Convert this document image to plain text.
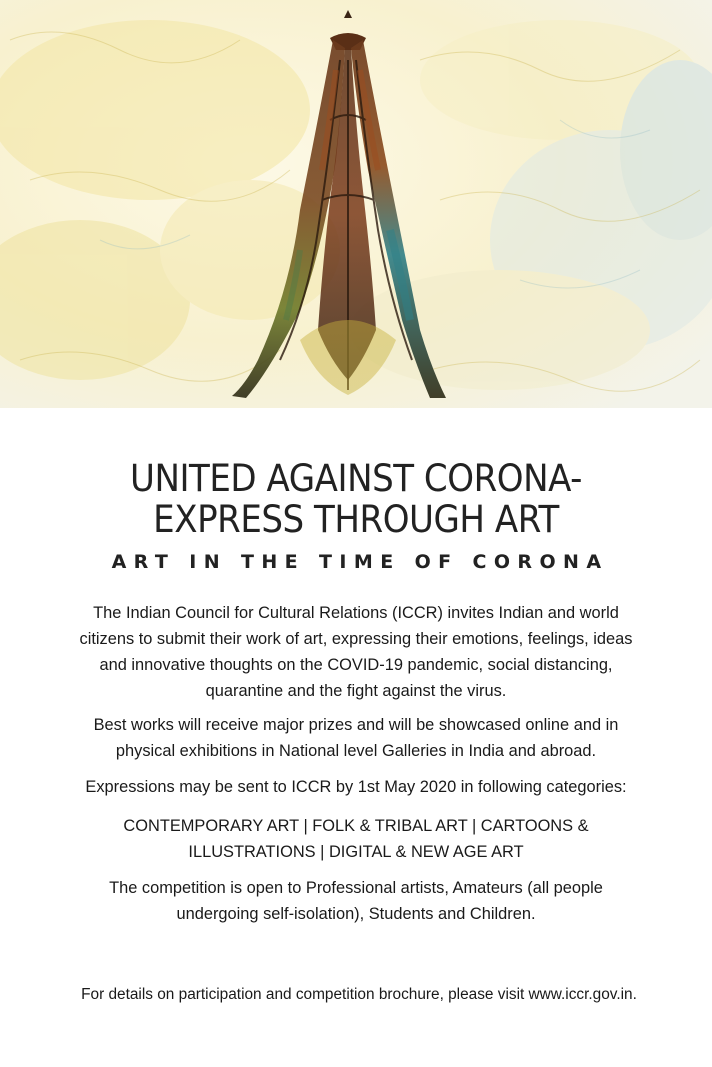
UNITED AGAINST CORONA-
EXPRESS THROUGH ART
ART IN THE TIME OF CORONA

The Indian Council for Cultural Relations (ICCR) invites Indian and world
citizens to submit their work of art, expressing their emotions, feelings, ideas
and innovative thoughts on the COVID-19 pandemic, social distancing,
quarantine and the fight against the virus.

Best works will receive major prizes and will be showcased online and in
physical exhibitions in National level Galleries in India and abroad.

Expressions may be sent to ICCR by 1st May 2020 in following categories:

CONTEMPORARY ART | FOLK & TRIBAL ART | CARTOONS &
ILLUSTRATIONS | DIGITAL & NEW AGE ART

The competition is open to Professional artists, Amateurs (all people
undergoing self-isolation), Students and Children.

For details on participation and competition brochure, please visit www.iccr.gov.in.
